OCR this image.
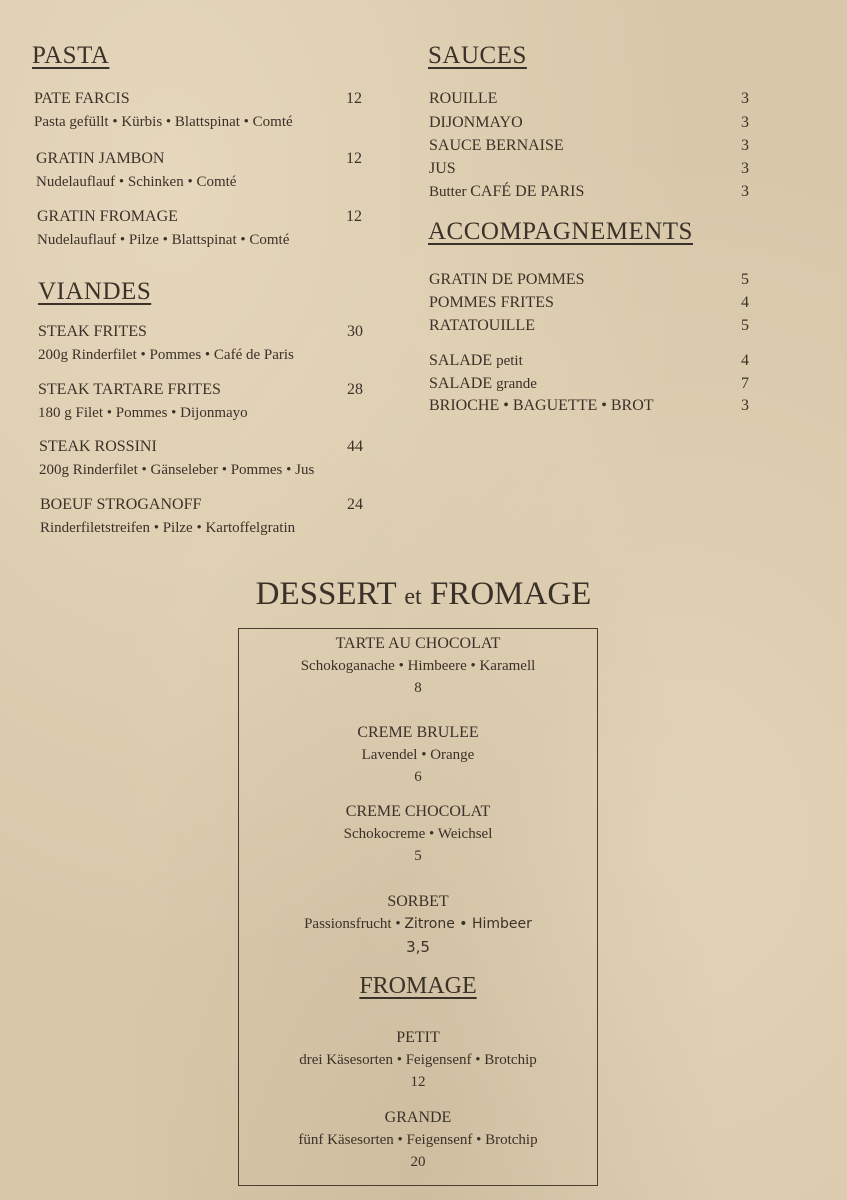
PASTA
PATE FARCIS	12
Pasta gefüllt • Kürbis • Blattspinat • Comté
GRATIN JAMBON	12
Nudelauflauf • Schinken • Comté
GRATIN FROMAGE	12
Nudelauflauf • Pilze • Blattspinat • Comté
VIANDES
STEAK FRITES	30
200g Rinderfilet • Pommes • Café de Paris
STEAK TARTARE FRITES	28
180 g Filet • Pommes • Dijonmayo
STEAK ROSSINI	44
200g Rinderfilet • Gänseleber • Pommes • Jus
BOEUF STROGANOFF	24
Rinderfiletstreifen • Pilze • Kartoffelgratin
SAUCES
ROUILLE	3
DIJONMAYO	3
SAUCE BERNAISE	3
JUS	3
Butter CAFÉ DE PARIS	3
ACCOMPAGNEMENTS
GRATIN DE POMMES	5
POMMES FRITES	4
RATATOUILLE	5
SALADE petit	4
SALADE grande	7
BRIOCHE • BAGUETTE • BROT	3
DESSERT et FROMAGE
TARTE AU CHOCOLAT
Schokoganache • Himbeere • Karamell
8
CREME BRULEE
Lavendel • Orange
6
CREME CHOCOLAT
Schokocreme • Weichsel
5
SORBET
Passionsfrucht • Zitrone • Himbeer
3,5
FROMAGE
PETIT
drei Käsesorten • Feigensenf • Brotchip
12
GRANDE
fünf Käsesorten • Feigensenf • Brotchip
20
